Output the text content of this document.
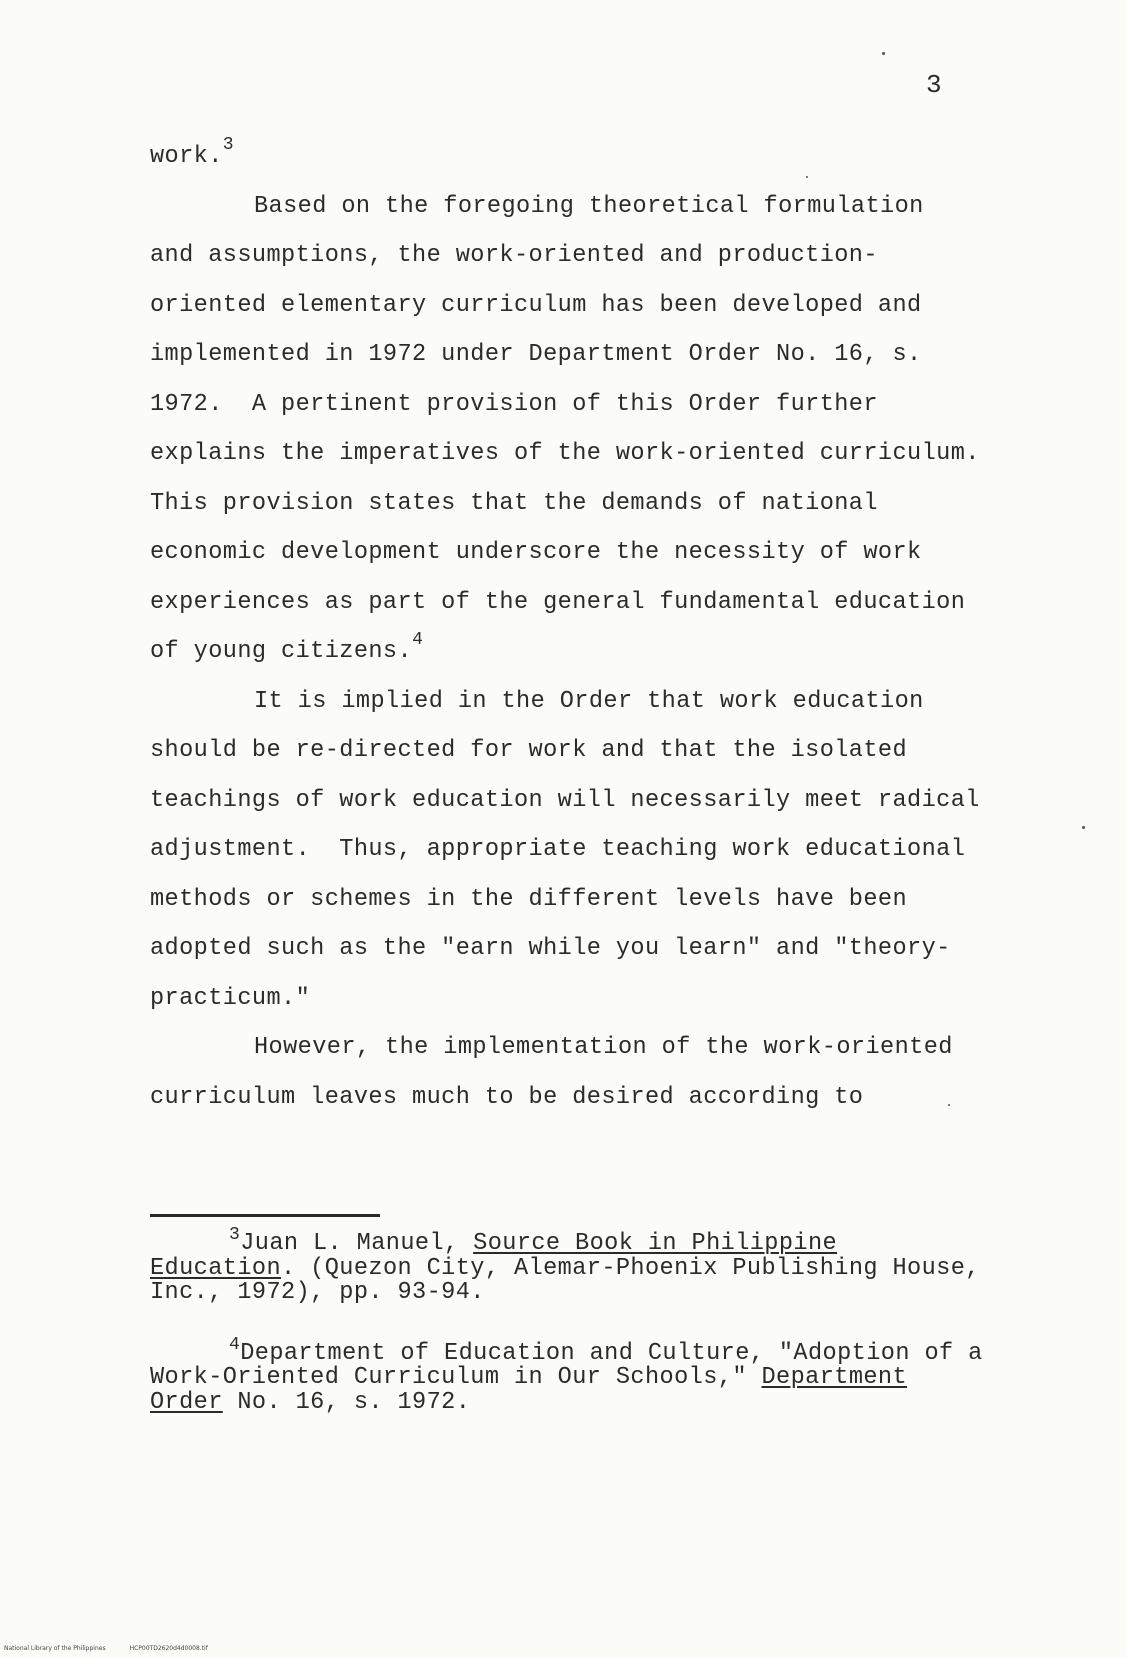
3
work.$^3$
Based on the foregoing theoretical formulation
and assumptions, the work-oriented and production-
oriented elementary curriculum has been developed and
implemented in 1972 under Department Order No. 16, s.
1972.  A pertinent provision of this Order further
explains the imperatives of the work-oriented curriculum.
This provision states that the demands of national
economic development underscore the necessity of work
experiences as part of the general fundamental education
of young citizens.$^4$
It is implied in the Order that work education
should be re-directed for work and that the isolated
teachings of work education will necessarily meet radical
adjustment.  Thus, appropriate teaching work educational
methods or schemes in the different levels have been
adopted such as the "earn while you learn" and "theory-
practicum."
However, the implementation of the work-oriented
curriculum leaves much to be desired according to
$^3$Juan L. Manuel, Source Book in Philippine
Education. (Quezon City, Alemar-Phoenix Publishing House,
Inc., 1972), pp. 93-94.
$^4$Department of Education and Culture, "Adoption of a
Work-Oriented Curriculum in Our Schools," Department
Order No. 16, s. 1972.
National Library of the Philippines	HCP00TD2620d4d0008.tif
